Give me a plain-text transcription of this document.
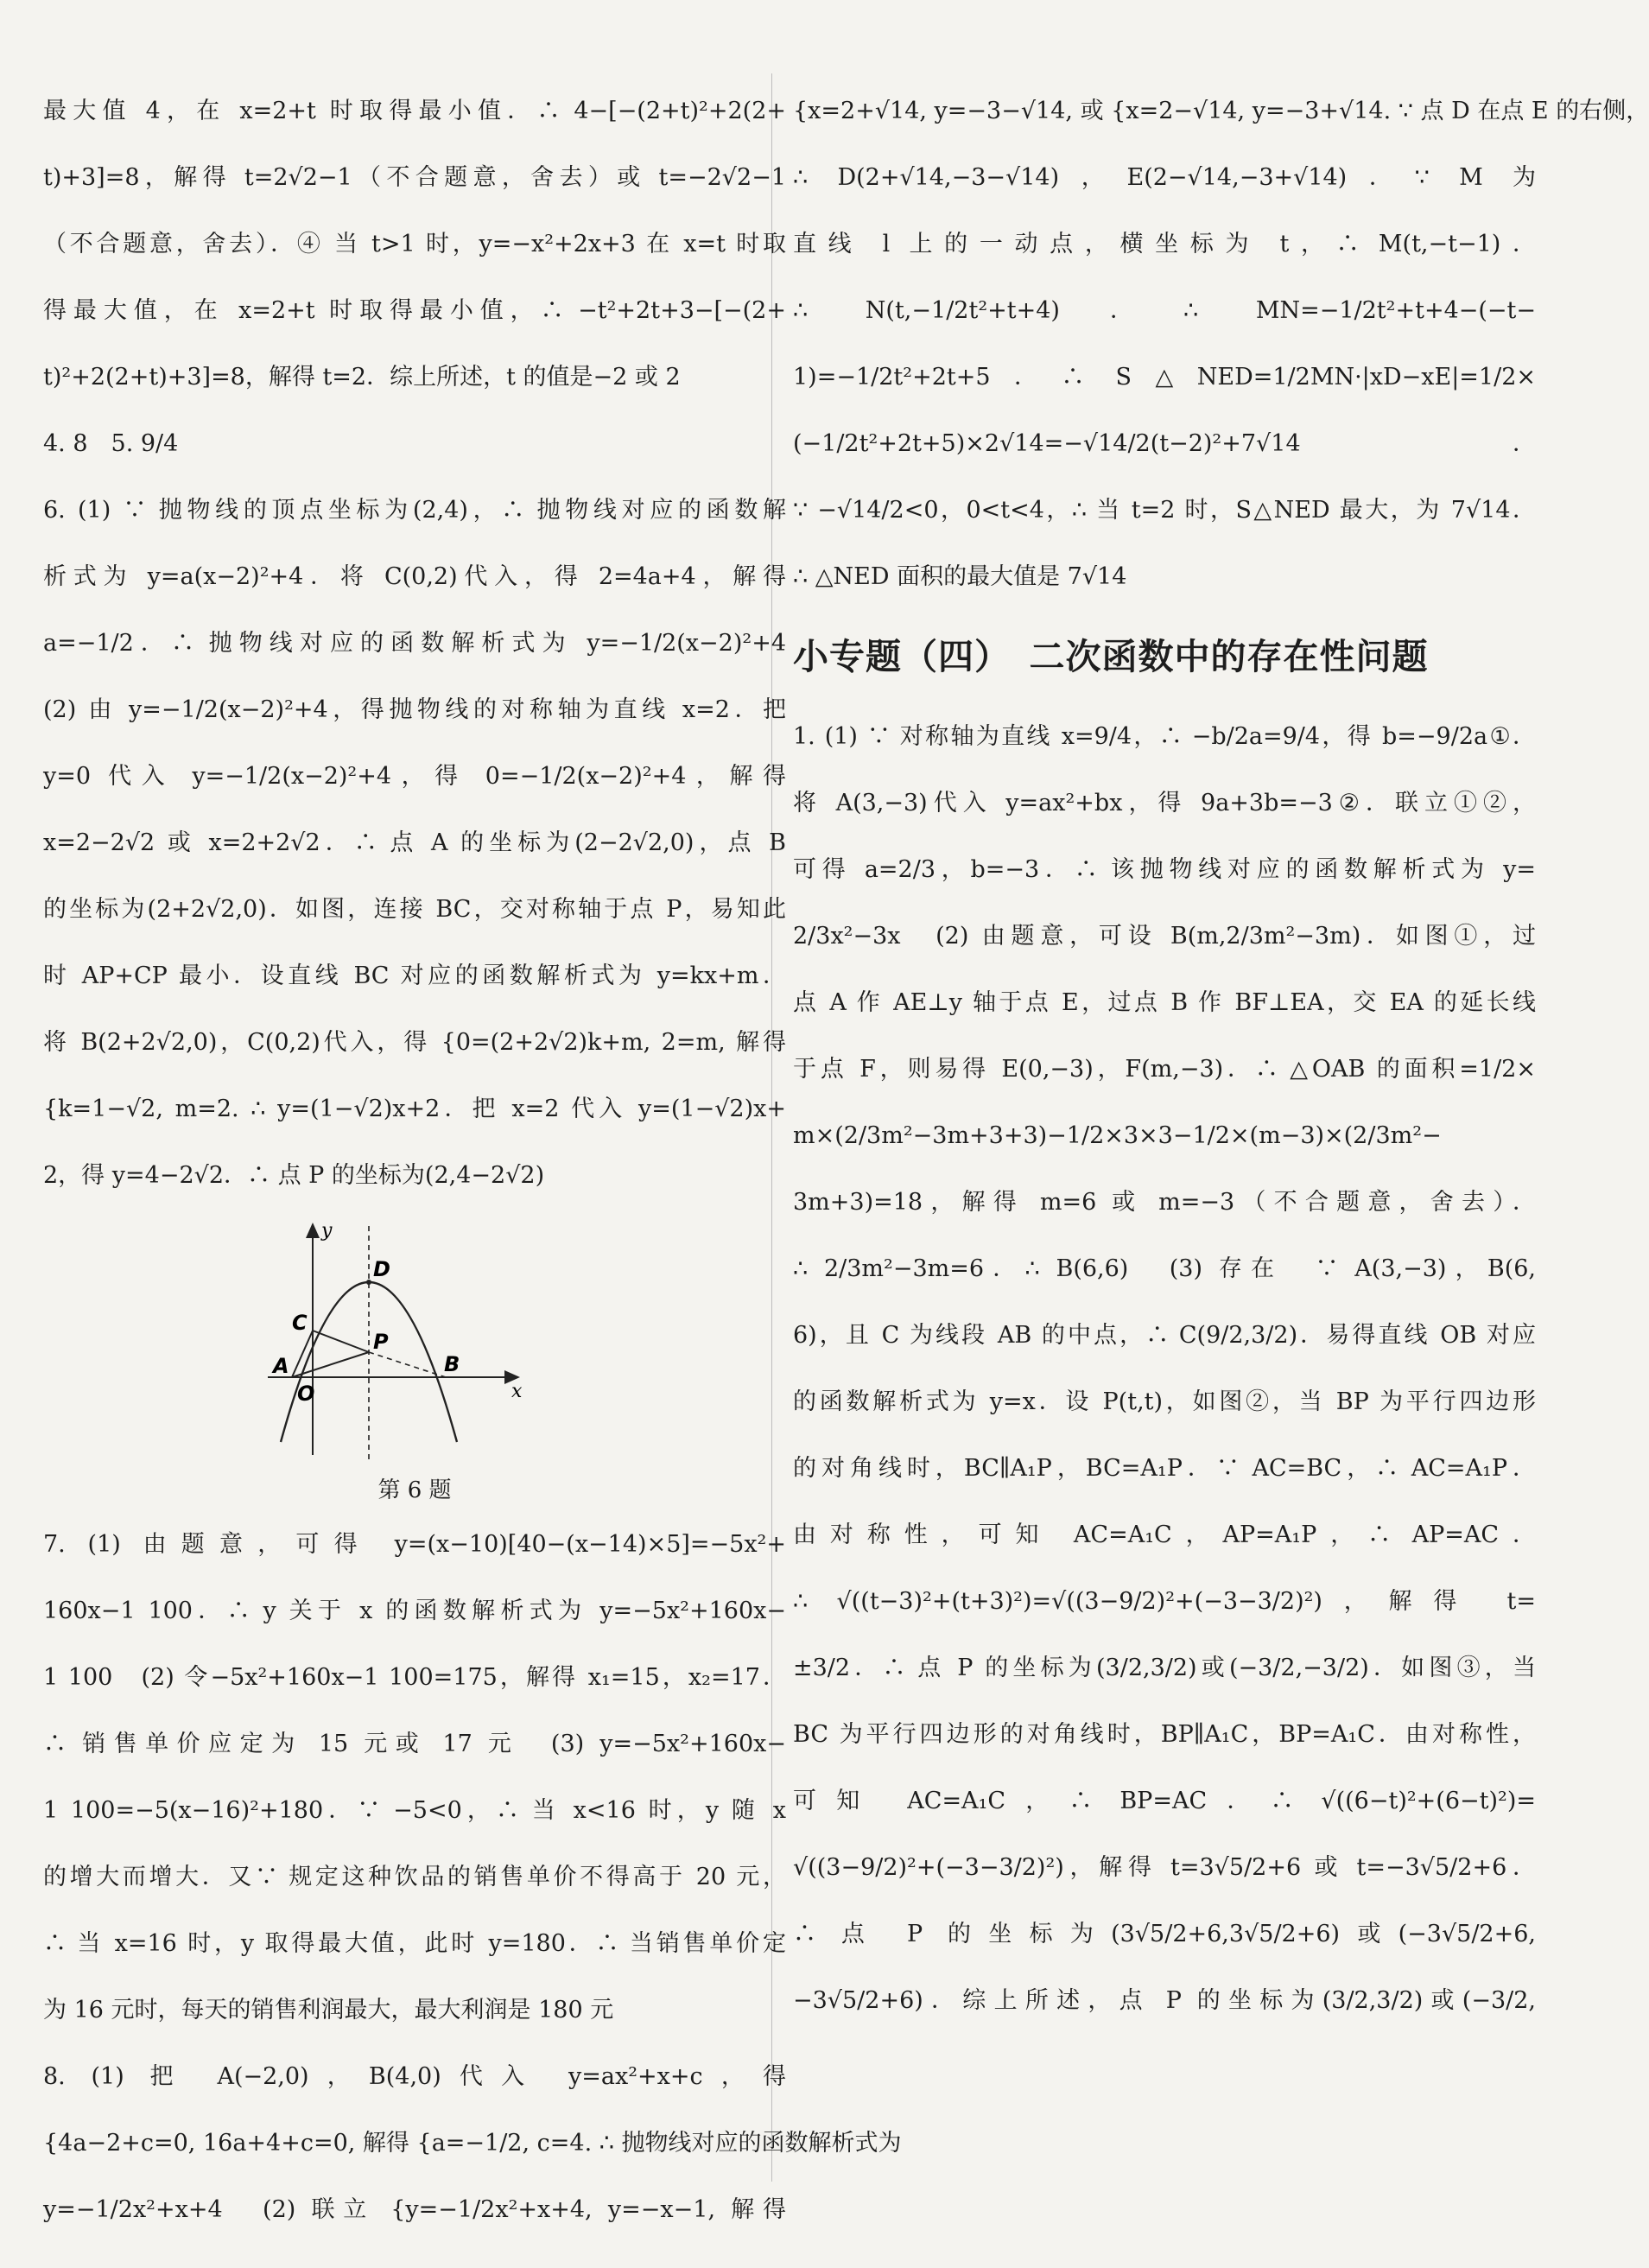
最大值 4，在 x=2+t 时取得最小值．∴ 4−[−(2+t)²+2(2+
t)+3]=8，解得 t=2√2−1（不合题意，舍去）或 t=−2√2−1
（不合题意，舍去）．④ 当 t>1 时，y=−x²+2x+3 在 x=t 时取
得最大值，在 x=2+t 时取得最小值，∴ −t²+2t+3−[−(2+
t)²+2(2+t)+3]=8，解得 t=2．综上所述，t 的值是−2 或 2
4. 8　5. 9/4
6. (1) ∵ 抛物线的顶点坐标为(2,4)，∴ 抛物线对应的函数解
析式为 y=a(x−2)²+4．将 C(0,2)代入，得 2=4a+4，解得
a=−1/2．∴ 抛物线对应的函数解析式为 y=−1/2(x−2)²+4
(2) 由 y=−1/2(x−2)²+4，得抛物线的对称轴为直线 x=2．把
y=0 代入 y=−1/2(x−2)²+4，得 0=−1/2(x−2)²+4，解得
x=2−2√2 或 x=2+2√2．∴ 点 A 的坐标为(2−2√2,0)，点 B
的坐标为(2+2√2,0)．如图，连接 BC，交对称轴于点 P，易知此
时 AP+CP 最小．设直线 BC 对应的函数解析式为 y=kx+m．
将 B(2+2√2,0)，C(0,2)代入，得 {0=(2+2√2)k+m, 2=m, 解得
{k=1−√2, m=2. ∴ y=(1−√2)x+2．把 x=2 代入 y=(1−√2)x+
2，得 y=4−2√2．∴ 点 P 的坐标为(2,4−2√2)
y
x
D
C
P
A	B
O
第 6 题
7. (1) 由题意，可得 y=(x−10)[40−(x−14)×5]=−5x²+
160x−1 100．∴ y 关于 x 的函数解析式为 y=−5x²+160x−
1 100　(2) 令−5x²+160x−1 100=175，解得 x₁=15，x₂=17．
∴ 销售单价应定为 15 元或 17 元　(3) y=−5x²+160x−
1 100=−5(x−16)²+180．∵ −5<0，∴ 当 x<16 时，y 随 x
的增大而增大．又∵ 规定这种饮品的销售单价不得高于 20 元，
∴ 当 x=16 时，y 取得最大值，此时 y=180．∴ 当销售单价定
为 16 元时，每天的销售利润最大，最大利润是 180 元
8. (1) 把 A(−2,0)，B(4,0)代入 y=ax²+x+c，得
{4a−2+c=0, 16a+4+c=0, 解得 {a=−1/2, c=4. ∴ 抛物线对应的函数解析式为
y=−1/2x²+x+4　(2) 联立 {y=−1/2x²+x+4, y=−x−1, 解得
{x=2+√14, y=−3−√14, 或 {x=2−√14, y=−3+√14. ∵ 点 D 在点 E 的右侧，
∴ D(2+√14,−3−√14)，E(2−√14,−3+√14)．∵ M 为
直线 l 上的一动点，横坐标为 t，∴ M(t,−t−1)．
∴ N(t,−1/2t²+t+4)．∴ MN=−1/2t²+t+4−(−t−
1)=−1/2t²+2t+5．∴ S△NED=1/2MN·|xD−xE|=1/2×
(−1/2t²+2t+5)×2√14=−√14/2(t−2)²+7√14．
∵ −√14/2<0，0<t<4，∴ 当 t=2 时，S△NED 最大，为 7√14．
∴ △NED 面积的最大值是 7√14
小专题（四）　二次函数中的存在性问题
1. (1) ∵ 对称轴为直线 x=9/4，∴ −b/2a=9/4，得 b=−9/2a①．
将 A(3,−3)代入 y=ax²+bx，得 9a+3b=−3②．联立①②，
可得 a=2/3，b=−3．∴ 该抛物线对应的函数解析式为 y=
2/3x²−3x　(2) 由题意，可设 B(m,2/3m²−3m)．如图①，过
点 A 作 AE⊥y 轴于点 E，过点 B 作 BF⊥EA，交 EA 的延长线
于点 F，则易得 E(0,−3)，F(m,−3)．∴ △OAB 的面积=1/2×
m×(2/3m²−3m+3+3)−1/2×3×3−1/2×(m−3)×(2/3m²−
3m+3)=18，解得 m=6 或 m=−3（不合题意，舍去）．
∴ 2/3m²−3m=6．∴ B(6,6)　(3) 存在　∵ A(3,−3)，B(6,
6)，且 C 为线段 AB 的中点，∴ C(9/2,3/2)．易得直线 OB 对应
的函数解析式为 y=x．设 P(t,t)，如图②，当 BP 为平行四边形
的对角线时，BC∥A₁P，BC=A₁P．∵ AC=BC，∴ AC=A₁P．
由对称性，可知 AC=A₁C，AP=A₁P，∴ AP=AC．
∴ √((t−3)²+(t+3)²)=√((3−9/2)²+(−3−3/2)²)，解得 t=
±3/2．∴ 点 P 的坐标为(3/2,3/2)或(−3/2,−3/2)．如图③，当
BC 为平行四边形的对角线时，BP∥A₁C，BP=A₁C．由对称性，
可知 AC=A₁C，∴ BP=AC．∴ √((6−t)²+(6−t)²)=
√((3−9/2)²+(−3−3/2)²)，解得 t=3√5/2+6 或 t=−3√5/2+6．
∴ 点 P 的坐标为(3√5/2+6,3√5/2+6)或(−3√5/2+6,
−3√5/2+6)．综上所述，点 P 的坐标为(3/2,3/2)或(−3/2,
